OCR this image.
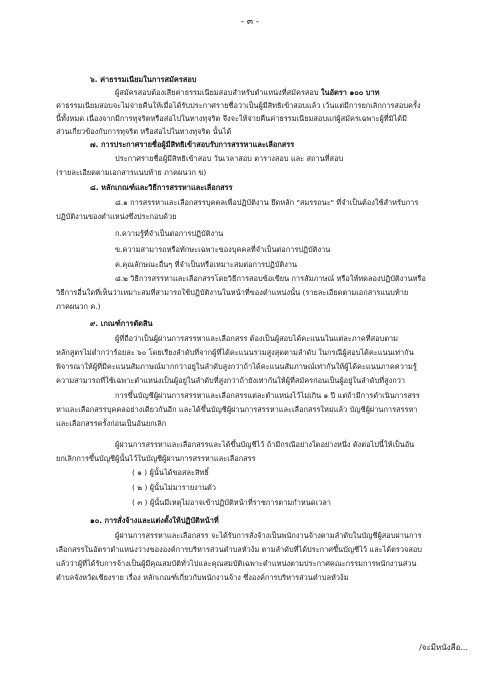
- ๓ -
๖. ค่าธรรมเนียมในการสมัครสอบ
ผู้สมัครสอบต้องเสียค่าธรรมเนียมสอบสำหรับตำแหน่งที่สมัครสอบ ในอัตรา ๑๐๐ บาท
ค่าธรรมเนียมสอบจะไม่จ่ายคืนให้เมื่อได้รับประกาศรายชื่อว่าเป็นผู้มีสิทธิเข้าสอบแล้ว เว้นแต่มีการยกเลิกการสอบครั้ง
นี้ทั้งหมด เนื่องจากมีการทุจริตหรือส่อไปในทางทุจริต จึงจะให้จ่ายคืนค่าธรรมเนียมสอบแก่ผู้สมัครเฉพาะผู้ที่มิได้มี
ส่วนเกี่ยวข้องกับการทุจริต หรือส่อไปในทางทุจริต นั้นได้
๗. การประกาศรายชื่อผู้มีสิทธิเข้าสอบรับการสรรหาและเลือกสรร
ประกาศรายชื่อผู้มีสิทธิเข้าสอบ วันเวลาสอบ ตารางสอบ และ สถานที่สอบ
(รายละเอียดตามเอกสารแนบท้าย ภาคผนวก ข)
๘. หลักเกณฑ์และวิธีการสรรหาและเลือกสรร
๘.๑ การสรรหาและเลือกสรรบุคคลเพื่อปฏิบัติงาน ยึดหลัก "สมรรถนะ" ที่จำเป็นต้องใช้สำหรับการ
ปฏิบัติงานของตำแหน่งซึ่งประกอบด้วย
ก.ความรู้ที่จำเป็นต่อการปฏิบัติงาน
ข.ความสามารถหรือทักษะเฉพาะของบุคคลที่จำเป็นต่อการปฏิบัติงาน
ค.คุณลักษณะอื่นๆ ที่จำเป็นหรือเหมาะสมต่อการปฏิบัติงาน
๘.๒ วิธีการสรรหาและเลือกสรรโดยวิธีการสอบข้อเขียน การสัมภาษณ์ หรือให้ทดลองปฏิบัติงานหรือ
วิธีการอื่นใดที่เห็นว่าเหมาะสมที่สามารถใช้ปฏิบัติงานในหน้าที่ของตำแหน่งนั้น (รายละเอียดตามเอกสารแนบท้าย
ภาคผนวก ค.)
๙. เกณฑ์การตัดสิน
ผู้ที่ถือว่าเป็นผู้ผ่านการสรรหาและเลือกสรร ต้องเป็นผู้สอบได้คะแนนในแต่ละภาคที่สอบตาม
หลักสูตรไม่ต่ำกว่าร้อยละ ๖๐ โดยเรียงลำดับที่จากผู้ที่ได้คะแนนรวมสูงสุดตามลำดับ ในกรณีผู้สอบได้คะแนนเท่ากัน
พิจารณาให้ผู้ที่มีคะแนนสัมภาษณ์มากกว่าอยู่ในลำดับสูงกว่าถ้าได้คะแนนสัมภาษณ์เท่ากันให้ผู้ได้คะแนนภาคความรู้
ความสามารถที่ใช้เฉพาะตำแหน่งเป็นผู้อยู่ในลำดับที่สูงกว่าถ้ายังเท่ากันให้ผู้ที่สมัครก่อนเป็นผู้อยู่ในลำดับที่สูงกว่า
การขึ้นบัญชีผู้ผ่านการสรรหาและเลือกสรรแต่ละตำแหน่งไว้ไม่เกิน ๑ ปี แต่ถ้ามีการดำเนินการสรร
หาและเลือกสรรบุคคลอย่างเดียวกันอีก และได้ขึ้นบัญชีผู้ผ่านการสรรหาและเลือกสรรใหม่แล้ว บัญชีผู้ผ่านการสรรหา
และเลือกสรรครั้งก่อนเป็นอันยกเลิก
ผู้ผ่านการสรรหาและเลือกสรรและได้ขึ้นบัญชีไว้ ถ้ามีกรณีอย่างใดอย่างหนึ่ง ดังต่อไปนี้ให้เป็นอัน
ยกเลิกการขึ้นบัญชีผู้นั้นไว้ในบัญชีผู้ผ่านการสรรหาและเลือกสรร
( ๑ ) ผู้นั้นได้ขอสละสิทธิ์
( ๒ ) ผู้นั้นไม่มารายงานตัว
( ๓ ) ผู้นั้นมีเหตุไม่อาจเข้าปฏิบัติหน้าที่ราชการตามกำหนดเวลา
๑๐. การสั่งจ้างและแต่งตั้งให้ปฏิบัติหน้าที่
ผู้ผ่านการสรรหาและเลือกสรร จะได้รับการสั่งจ้างเป็นพนักงานจ้างตามลำดับในบัญชีผู้สอบผ่านการ
เลือกสรรในอัตราตำแหน่งว่างขององค์การบริหารส่วนตำบลหัวง้ม ตามลำดับที่ได้ประกาศขึ้นบัญชีไว้ และได้ตรวจสอบ
แล้วว่าผู้ที่ได้รับการจ้างเป็นผู้มีคุณสมบัติทั่วไปและคุณสมบัติเฉพาะตำแหน่งตามประกาศคณะกรรมการพนักงานส่วน
ตำบลจังหวัดเชียงราย เรื่อง หลักเกณฑ์เกี่ยวกับพนักงานจ้าง ซึ่งองค์การบริหารส่วนตำบลหัวง้ม
/จะมีหนังสือ...
